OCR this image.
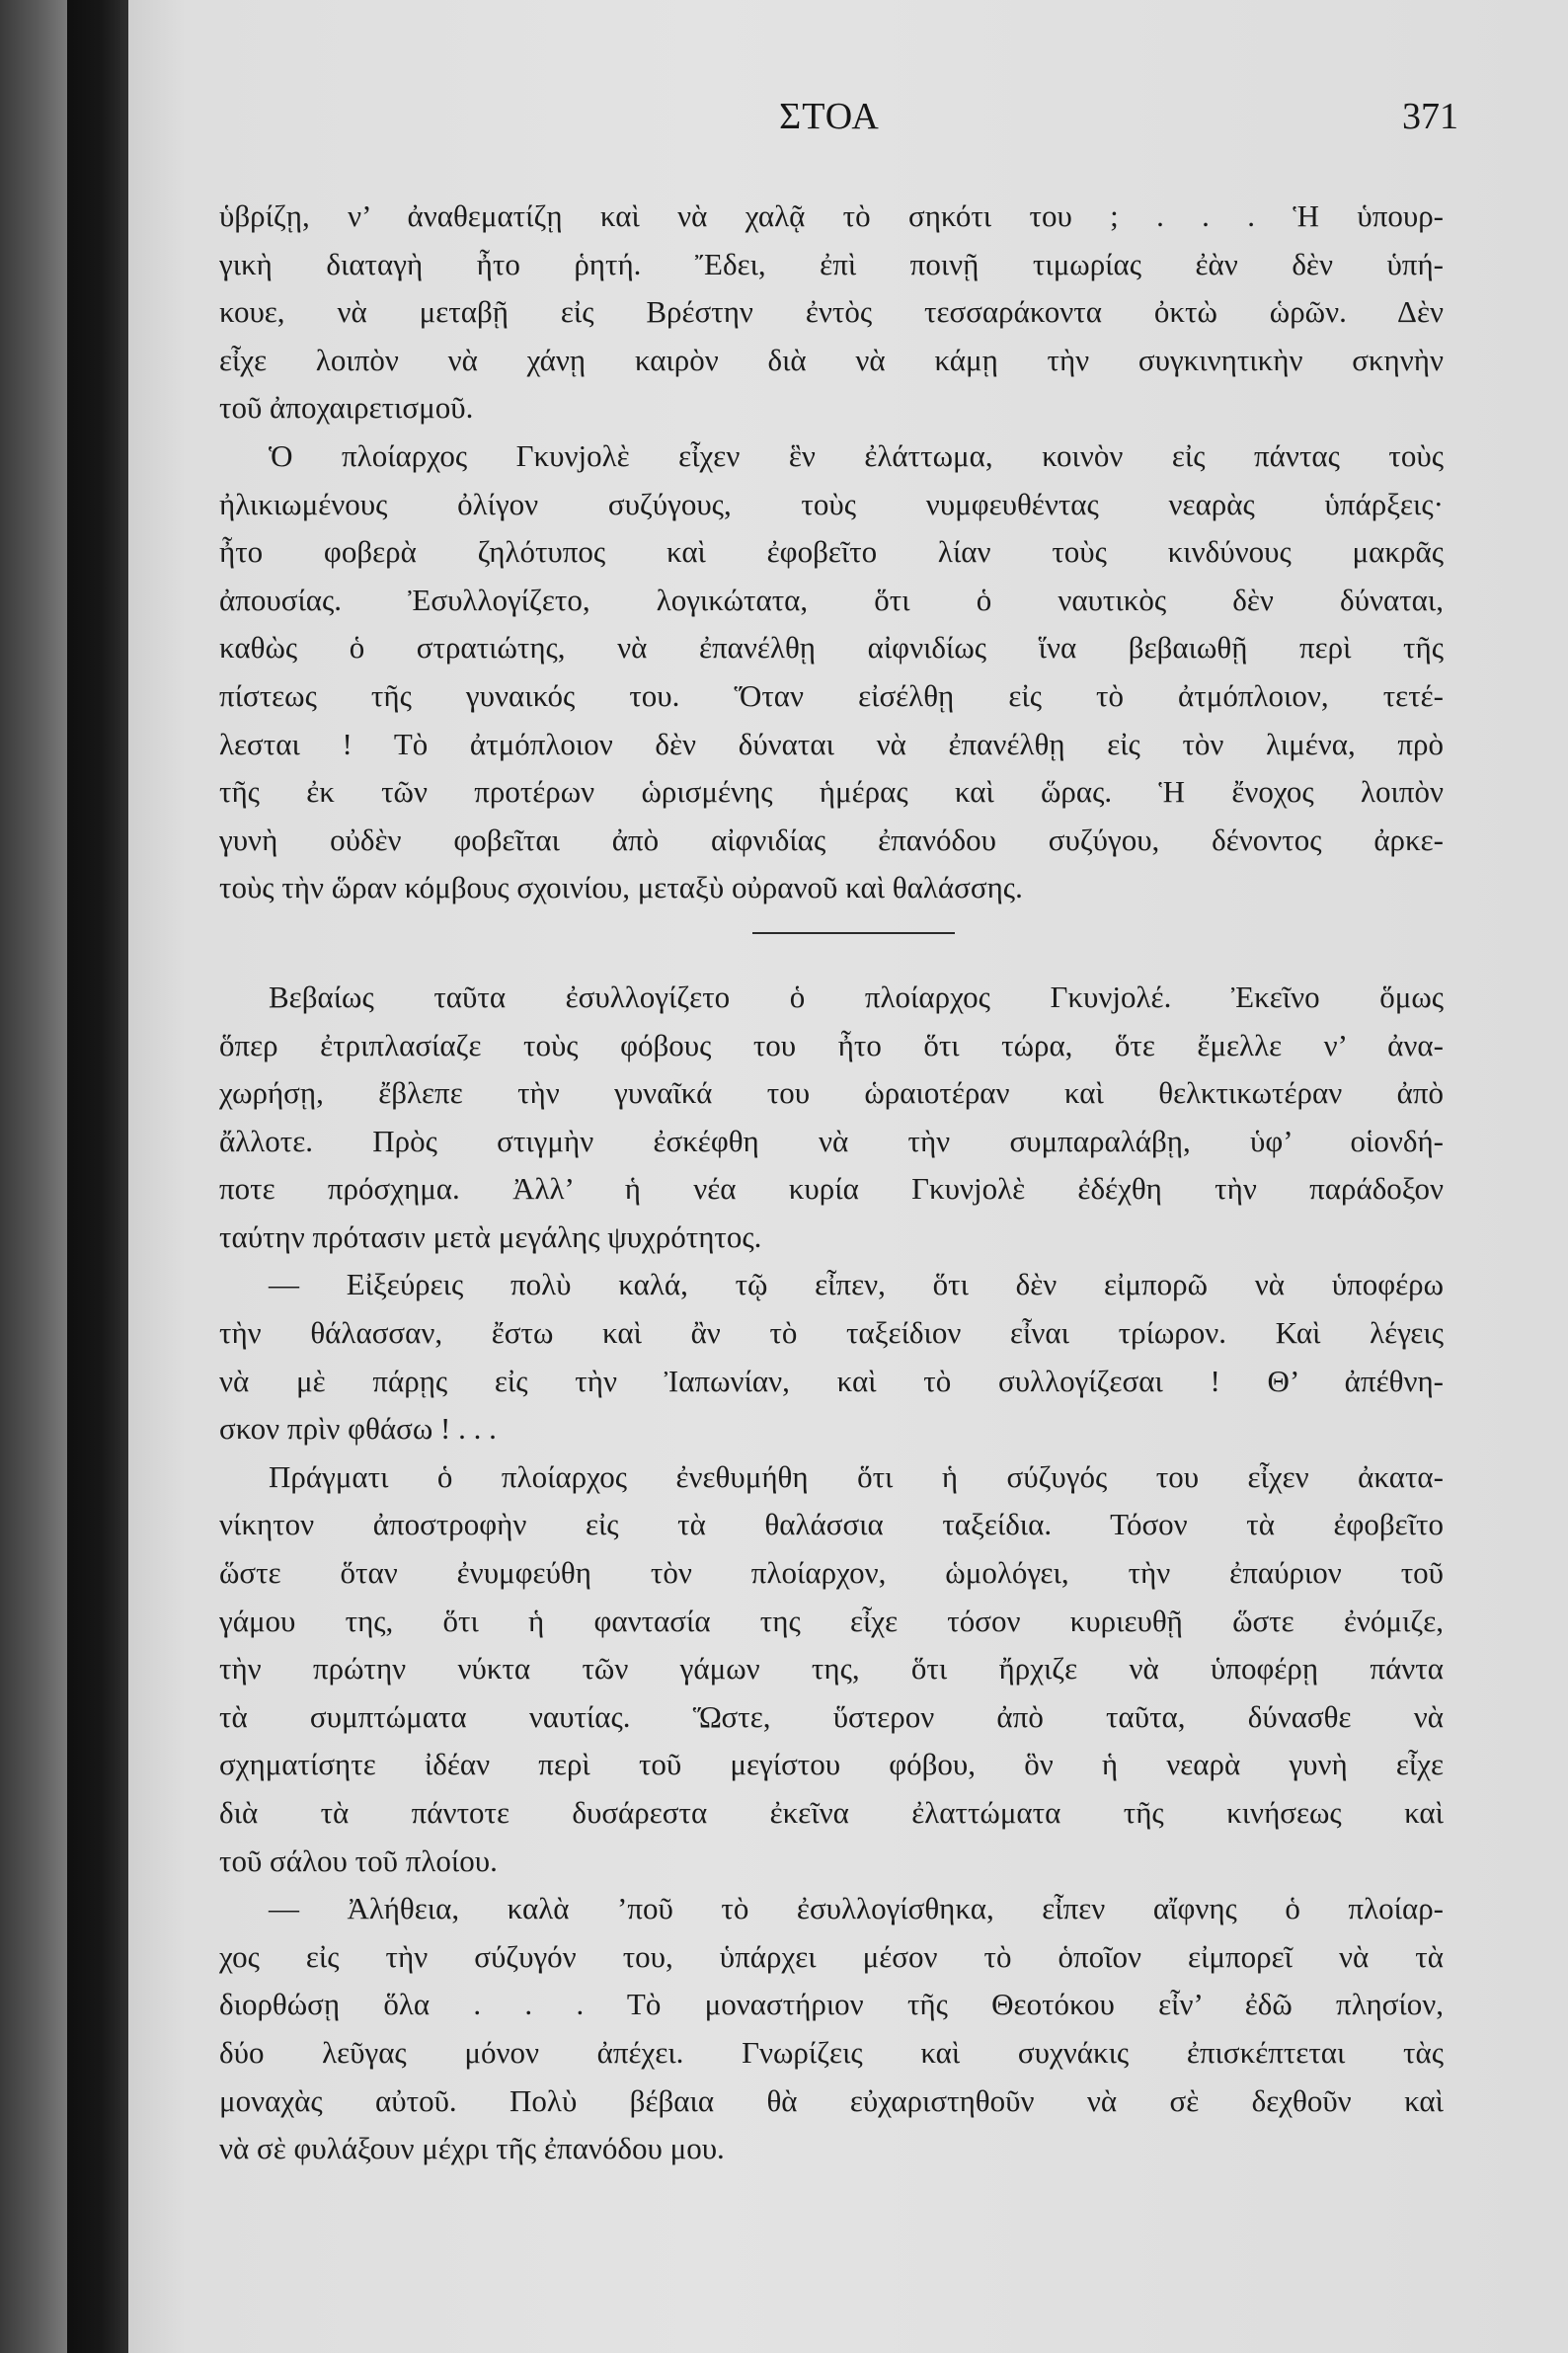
ΣΤΟΑ	371
ὑβρίζῃ, ν’ ἀναθεματίζῃ καὶ νὰ χαλᾷ τὸ σηκότι του ; . . . Ἡ ὑπουρ-
γικὴ διαταγὴ ἦτο ῥητή. Ἔδει, ἐπὶ ποινῇ τιμωρίας ἐὰν δὲν ὑπή-
κουε, νὰ μεταβῇ εἰς Βρέστην ἐντὸς τεσσαράκοντα ὀκτὼ ὡρῶν. Δὲν
εἶχε λοιπὸν νὰ χάνῃ καιρὸν διὰ νὰ κάμῃ τὴν συγκινητικὴν σκηνὴν
τοῦ ἀποχαιρετισμοῦ.
Ὁ πλοίαρχος Γκυνjολὲ εἶχεν ἓν ἐλάττωμα, κοινὸν εἰς πάντας τοὺς
ἠλικιωμένους ὀλίγον συζύγους, τοὺς νυμφευθέντας νεαρὰς ὑπάρξεις·
ἦτο φοβερὰ ζηλότυπος καὶ ἐφοβεῖτο λίαν τοὺς κινδύνους μακρᾶς
ἀπουσίας. Ἐσυλλογίζετο, λογικώτατα, ὅτι ὁ ναυτικὸς δὲν δύναται,
καθὼς ὁ στρατιώτης, νὰ ἐπανέλθῃ αἰφνιδίως ἵνα βεβαιωθῇ περὶ τῆς
πίστεως τῆς γυναικός του. Ὅταν εἰσέλθῃ εἰς τὸ ἀτμόπλοιον, τετέ-
λεσται ! Τὸ ἀτμόπλοιον δὲν δύναται νὰ ἐπανέλθῃ εἰς τὸν λιμένα, πρὸ
τῆς ἐκ τῶν προτέρων ὡρισμένης ἡμέρας καὶ ὥρας. Ἡ ἔνοχος λοιπὸν
γυνὴ οὐδὲν φοβεῖται ἀπὸ αἰφνιδίας ἐπανόδου συζύγου, δένοντος ἀρκε-
τοὺς τὴν ὥραν κόμβους σχοινίου, μεταξὺ οὐρανοῦ καὶ θαλάσσης.
Βεβαίως ταῦτα ἐσυλλογίζετο ὁ πλοίαρχος Γκυνjολέ. Ἐκεῖνο ὅμως
ὅπερ ἐτριπλασίαζε τοὺς φόβους του ἦτο ὅτι τώρα, ὅτε ἔμελλε ν’ ἀνα-
χωρήσῃ, ἔβλεπε τὴν γυναῖκά του ὡραιοτέραν καὶ θελκτικωτέραν ἀπὸ
ἄλλοτε. Πρὸς στιγμὴν ἐσκέφθη νὰ τὴν συμπαραλάβῃ, ὑφ’ οἱονδή-
ποτε πρόσχημα. Ἀλλ’ ἡ νέα κυρία Γκυνjολὲ ἐδέχθη τὴν παράδοξον
ταύτην πρότασιν μετὰ μεγάλης ψυχρότητος.
— Εἰξεύρεις πολὺ καλά, τῷ εἶπεν, ὅτι δὲν εἰμπορῶ νὰ ὑποφέρω
τὴν θάλασσαν, ἔστω καὶ ἂν τὸ ταξείδιον εἶναι τρίωρον. Καὶ λέγεις
νὰ μὲ πάρῃς εἰς τὴν Ἰαπωνίαν, καὶ τὸ συλλογίζεσαι ! Θ’ ἀπέθνη-
σκον πρὶν φθάσω ! . . .
Πράγματι ὁ πλοίαρχος ἐνεθυμήθη ὅτι ἡ σύζυγός του εἶχεν ἀκατα-
νίκητον ἀποστροφὴν εἰς τὰ θαλάσσια ταξείδια. Τόσον τὰ ἐφοβεῖτο
ὥστε ὅταν ἐνυμφεύθη τὸν πλοίαρχον, ὡμολόγει, τὴν ἐπαύριον τοῦ
γάμου της, ὅτι ἡ φαντασία της εἶχε τόσον κυριευθῇ ὥστε ἐνόμιζε,
τὴν πρώτην νύκτα τῶν γάμων της, ὅτι ἤρχιζε νὰ ὑποφέρῃ πάντα
τὰ συμπτώματα ναυτίας. Ὥστε, ὕστερον ἀπὸ ταῦτα, δύνασθε νὰ
σχηματίσητε ἰδέαν περὶ τοῦ μεγίστου φόβου, ὃν ἡ νεαρὰ γυνὴ εἶχε
διὰ τὰ πάντοτε δυσάρεστα ἐκεῖνα ἐλαττώματα τῆς κινήσεως καὶ
τοῦ σάλου τοῦ πλοίου.
— Ἀλήθεια, καλὰ ’ποῦ τὸ ἐσυλλογίσθηκα, εἶπεν αἴφνης ὁ πλοίαρ-
χος εἰς τὴν σύζυγόν του, ὑπάρχει μέσον τὸ ὁποῖον εἰμπορεῖ νὰ τὰ
διορθώσῃ ὅλα . . . Τὸ μοναστήριον τῆς Θεοτόκου εἶν’ ἐδῶ πλησίον,
δύο λεῦγας μόνον ἀπέχει. Γνωρίζεις καὶ συχνάκις ἐπισκέπτεται τὰς
μοναχὰς αὐτοῦ. Πολὺ βέβαια θὰ εὐχαριστηθοῦν νὰ σὲ δεχθοῦν καὶ
νὰ σὲ φυλάξουν μέχρι τῆς ἐπανόδου μου.
